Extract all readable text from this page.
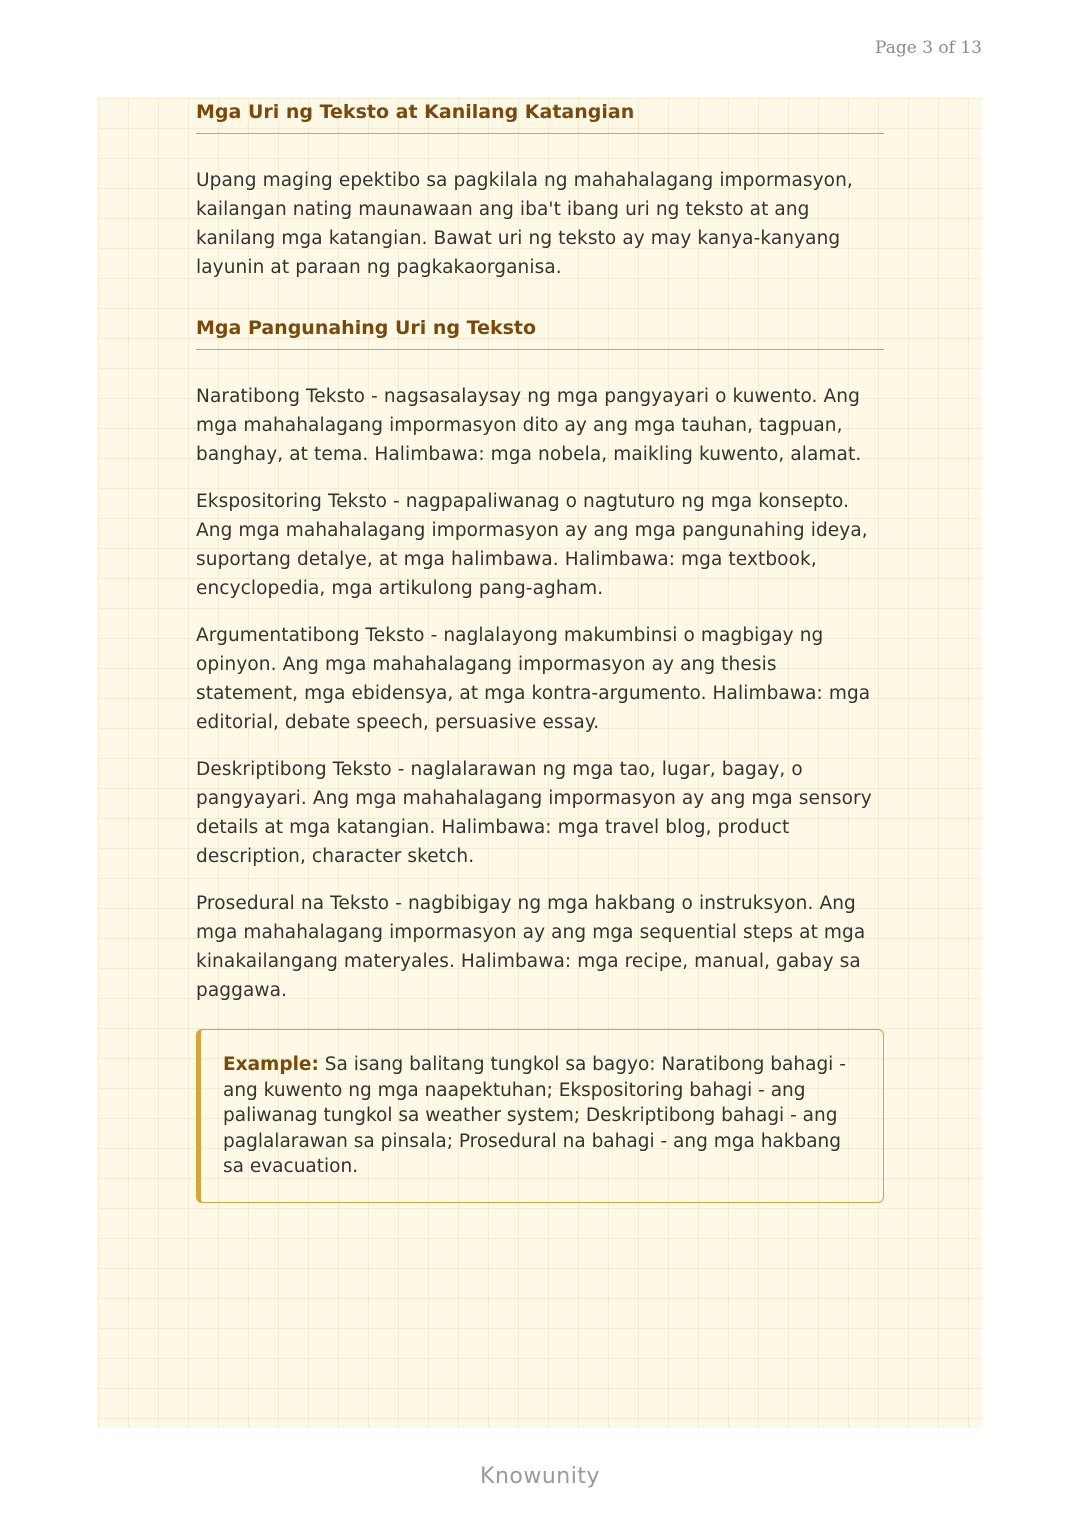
Page 3 of 13
Mga Uri ng Teksto at Kanilang Katangian

Upang maging epektibo sa pagkilala ng mahahalagang impormasyon, kailangan nating maunawaan ang iba't ibang uri ng teksto at ang kanilang mga katangian. Bawat uri ng teksto ay may kanya-kanyang layunin at paraan ng pagkakaorganisa.

Mga Pangunahing Uri ng Teksto

Naratibong Teksto - nagsasalaysay ng mga pangyayari o kuwento. Ang mga mahahalagang impormasyon dito ay ang mga tauhan, tagpuan, banghay, at tema. Halimbawa: mga nobela, maikling kuwento, alamat.

Ekspositoring Teksto - nagpapaliwanag o nagtuturo ng mga konsepto. Ang mga mahahalagang impormasyon ay ang mga pangunahing ideya, suportang detalye, at mga halimbawa. Halimbawa: mga textbook, encyclopedia, mga artikulong pang-agham.

Argumentatibong Teksto - naglalayong makumbinsi o magbigay ng opinyon. Ang mga mahahalagang impormasyon ay ang thesis statement, mga ebidensya, at mga kontra-argumento. Halimbawa: mga editorial, debate speech, persuasive essay.

Deskriptibong Teksto - naglalarawan ng mga tao, lugar, bagay, o pangyayari. Ang mga mahahalagang impormasyon ay ang mga sensory details at mga katangian. Halimbawa: mga travel blog, product description, character sketch.

Prosedural na Teksto - nagbibigay ng mga hakbang o instruksyon. Ang mga mahahalagang impormasyon ay ang mga sequential steps at mga kinakailangang materyales. Halimbawa: mga recipe, manual, gabay sa paggawa.

Example: Sa isang balitang tungkol sa bagyo: Naratibong bahagi - ang kuwento ng mga naapektuhan; Ekspositoring bahagi - ang paliwanag tungkol sa weather system; Deskriptibong bahagi - ang paglalarawan sa pinsala; Prosedural na bahagi - ang mga hakbang sa evacuation.

Knowunity
